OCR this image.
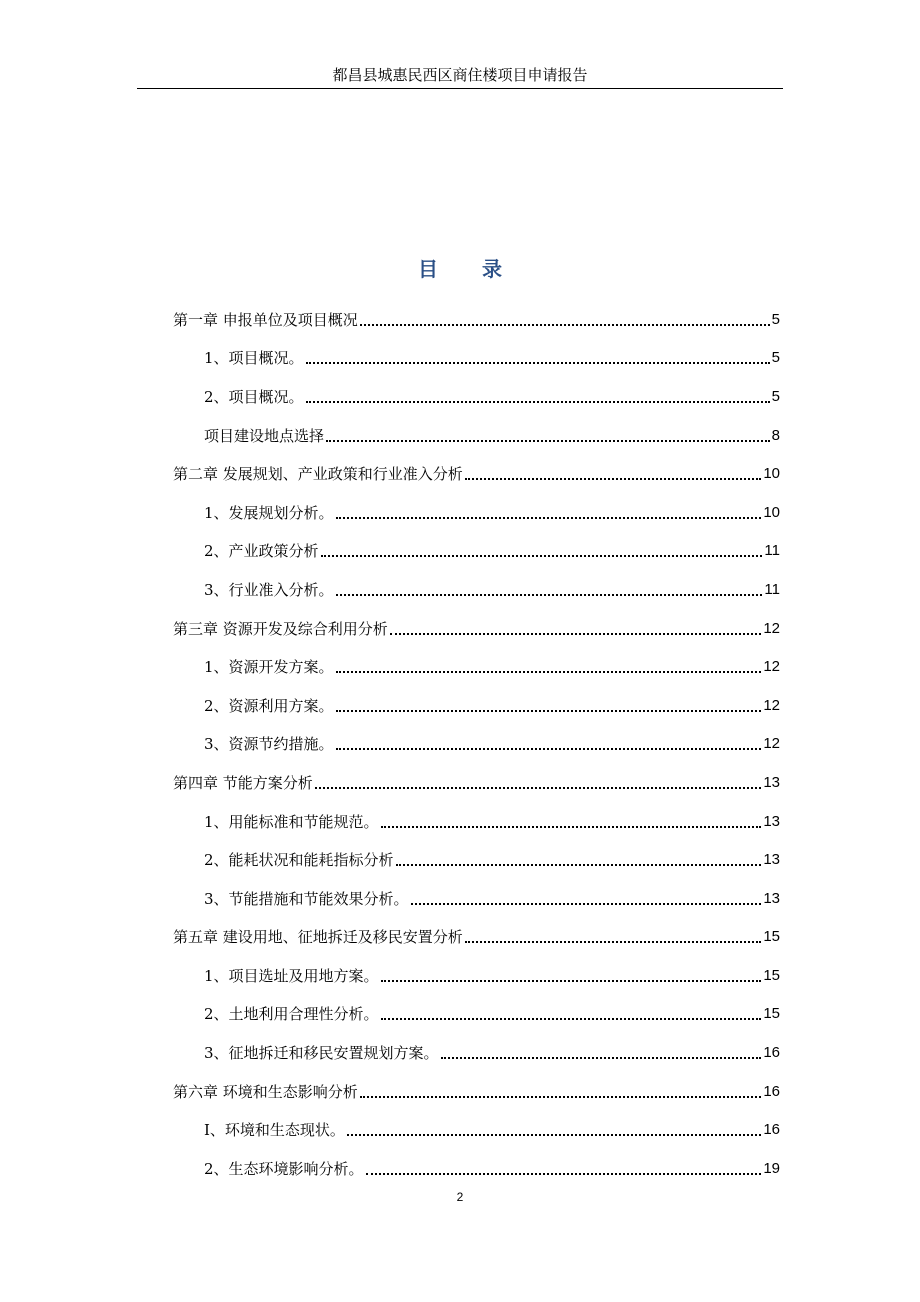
都昌县城惠民西区商住楼项目申请报告
目录
第一章 申报单位及项目概况	5
1、项目概况。	5
2、项目概况。	5
项目建设地点选择	8
第二章 发展规划、产业政策和行业准入分析	10
1、发展规划分析。	10
2、产业政策分析	11
3、行业准入分析。	11
第三章 资源开发及综合利用分析	12
1、资源开发方案。	12
2、资源利用方案。	12
3、资源节约措施。	12
第四章 节能方案分析	13
1、用能标准和节能规范。	13
2、能耗状况和能耗指标分析	13
3、节能措施和节能效果分析。	13
第五章 建设用地、征地拆迁及移民安置分析	15
1、项目选址及用地方案。	15
2、土地利用合理性分析。	15
3、征地拆迁和移民安置规划方案。	16
第六章 环境和生态影响分析	16
I、环境和生态现状。	16
2、生态环境影响分析。	19
2
